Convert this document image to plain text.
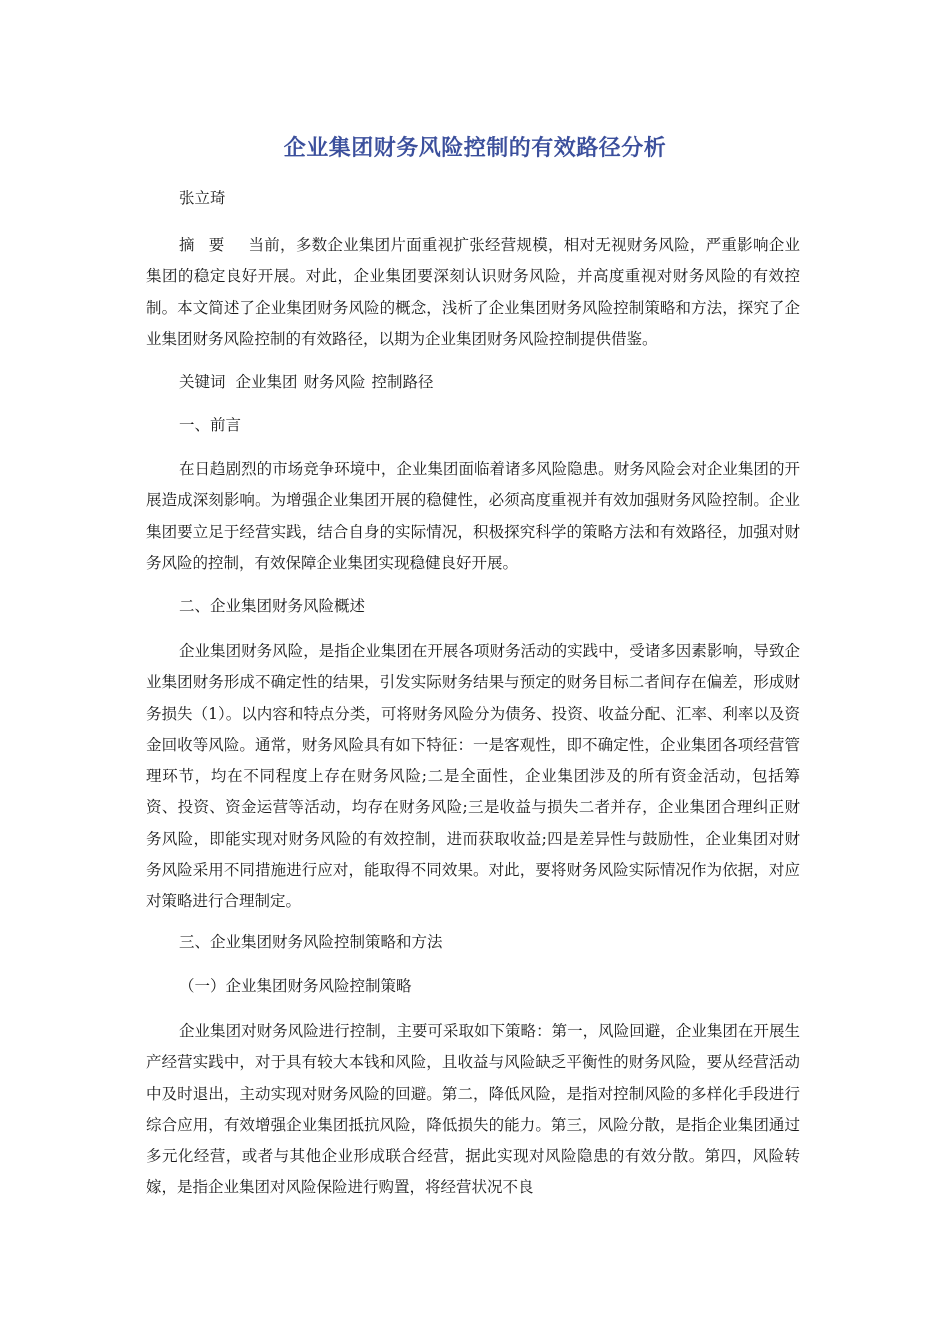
企业集团财务风险控制的有效路径分析

张立琦

摘要 当前，多数企业集团片面重视扩张经营规模，相对无视财务风险，严重影响企业集团的稳定良好开展。对此，企业集团要深刻认识财务风险，并高度重视对财务风险的有效控制。本文简述了企业集团财务风险的概念，浅析了企业集团财务风险控制策略和方法，探究了企业集团财务风险控制的有效路径，以期为企业集团财务风险控制提供借鉴。

关键词 企业集团 财务风险 控制路径

一、前言

在日趋剧烈的市场竞争环境中，企业集团面临着诸多风险隐患。财务风险会对企业集团的开展造成深刻影响。为增强企业集团开展的稳健性，必须高度重视并有效加强财务风险控制。企业集团要立足于经营实践，结合自身的实际情况，积极探究科学的策略方法和有效路径，加强对财务风险的控制，有效保障企业集团实现稳健良好开展。

二、企业集团财务风险概述

企业集团财务风险，是指企业集团在开展各项财务活动的实践中，受诸多因素影响，导致企业集团财务形成不确定性的结果，引发实际财务结果与预定的财务目标二者间存在偏差，形成财务损失（1）。以内容和特点分类，可将财务风险分为债务、投资、收益分配、汇率、利率以及资金回收等风险。通常，财务风险具有如下特征：一是客观性，即不确定性，企业集团各项经营管理环节，均在不同程度上存在财务风险;二是全面性，企业集团涉及的所有资金活动，包括筹资、投资、资金运营等活动，均存在财务风险;三是收益与损失二者并存，企业集团合理纠正财务风险，即能实现对财务风险的有效控制，进而获取收益;四是差异性与鼓励性，企业集团对财务风险采用不同措施进行应对，能取得不同效果。对此，要将财务风险实际情况作为依据，对应对策略进行合理制定。

三、企业集团财务风险控制策略和方法

（一）企业集团财务风险控制策略

企业集团对财务风险进行控制，主要可采取如下策略：第一，风险回避，企业集团在开展生产经营实践中，对于具有较大本钱和风险，且收益与风险缺乏平衡性的财务风险，要从经营活动中及时退出，主动实现对财务风险的回避。第二，降低风险，是指对控制风险的多样化手段进行综合应用，有效增强企业集团抵抗风险，降低损失的能力。第三，风险分散，是指企业集团通过多元化经营，或者与其他企业形成联合经营，据此实现对风险隐患的有效分散。第四，风险转嫁，是指企业集团对风险保险进行购置，将经营状况不良
